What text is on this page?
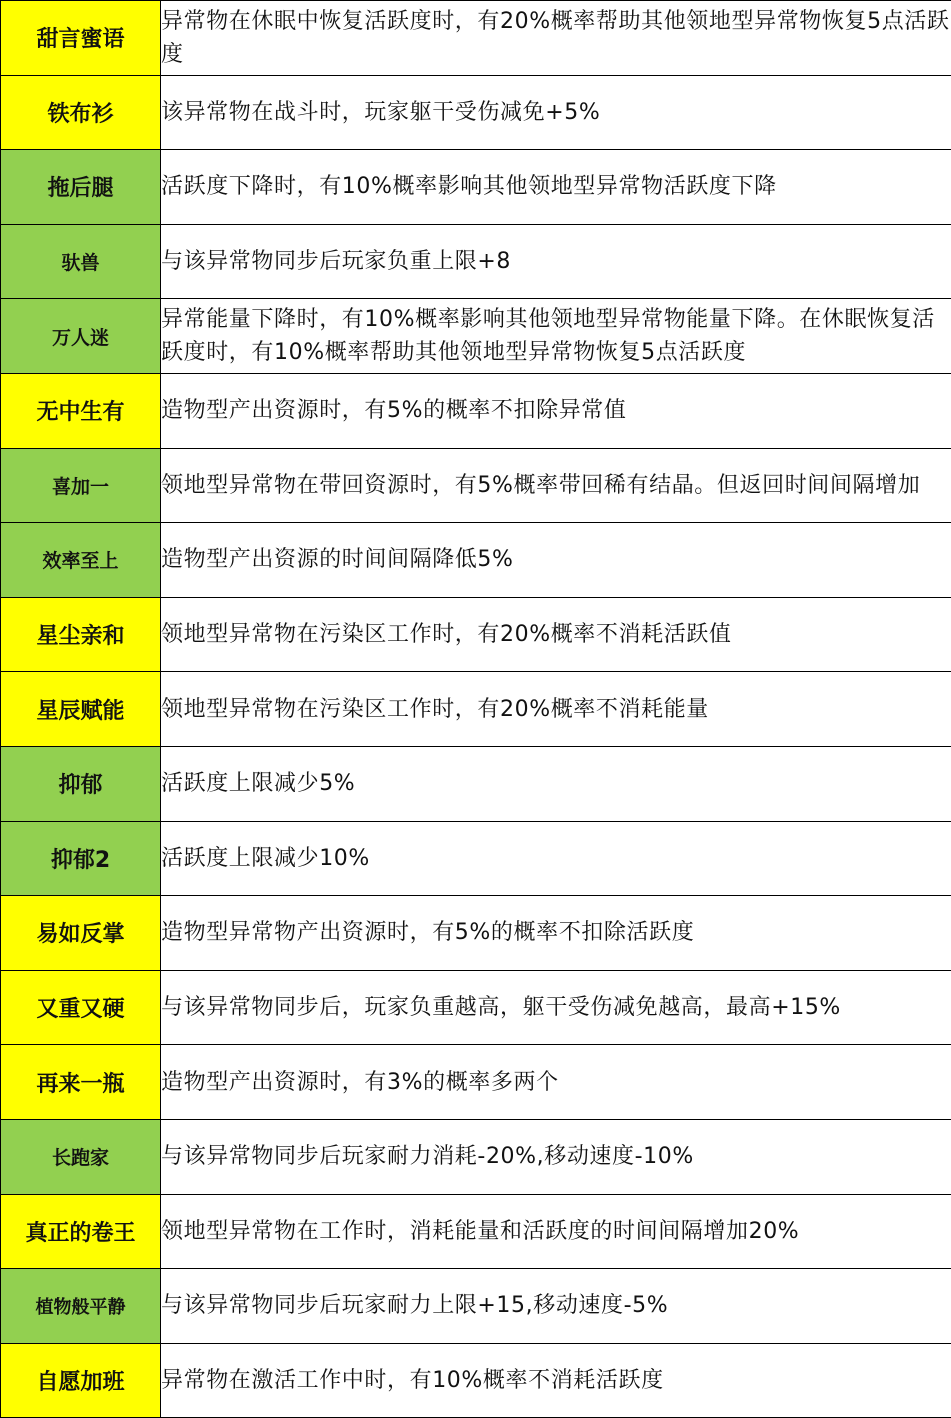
甜言蜜语	异常物在休眠中恢复活跃度时，有20%概率帮助其他领地型异常物恢复5点活跃度
铁布衫	该异常物在战斗时，玩家躯干受伤减免+5%
拖后腿	活跃度下降时，有10%概率影响其他领地型异常物活跃度下降
驮兽	与该异常物同步后玩家负重上限+8
万人迷	异常能量下降时，有10%概率影响其他领地型异常物能量下降。在休眠恢复活跃度时，有10%概率帮助其他领地型异常物恢复5点活跃度
无中生有	造物型产出资源时，有5%的概率不扣除异常值
喜加一	领地型异常物在带回资源时，有5%概率带回稀有结晶。但返回时间间隔增加
效率至上	造物型产出资源的时间间隔降低5%
星尘亲和	领地型异常物在污染区工作时，有20%概率不消耗活跃值
星辰赋能	领地型异常物在污染区工作时，有20%概率不消耗能量
抑郁	活跃度上限减少5%
抑郁2	活跃度上限减少10%
易如反掌	造物型异常物产出资源时，有5%的概率不扣除活跃度
又重又硬	与该异常物同步后，玩家负重越高，躯干受伤减免越高，最高+15%
再来一瓶	造物型产出资源时，有3%的概率多两个
长跑家	与该异常物同步后玩家耐力消耗-20%,移动速度-10%
真正的卷王	领地型异常物在工作时，消耗能量和活跃度的时间间隔增加20%
植物般平静	与该异常物同步后玩家耐力上限+15,移动速度-5%
自愿加班	异常物在激活工作中时，有10%概率不消耗活跃度
